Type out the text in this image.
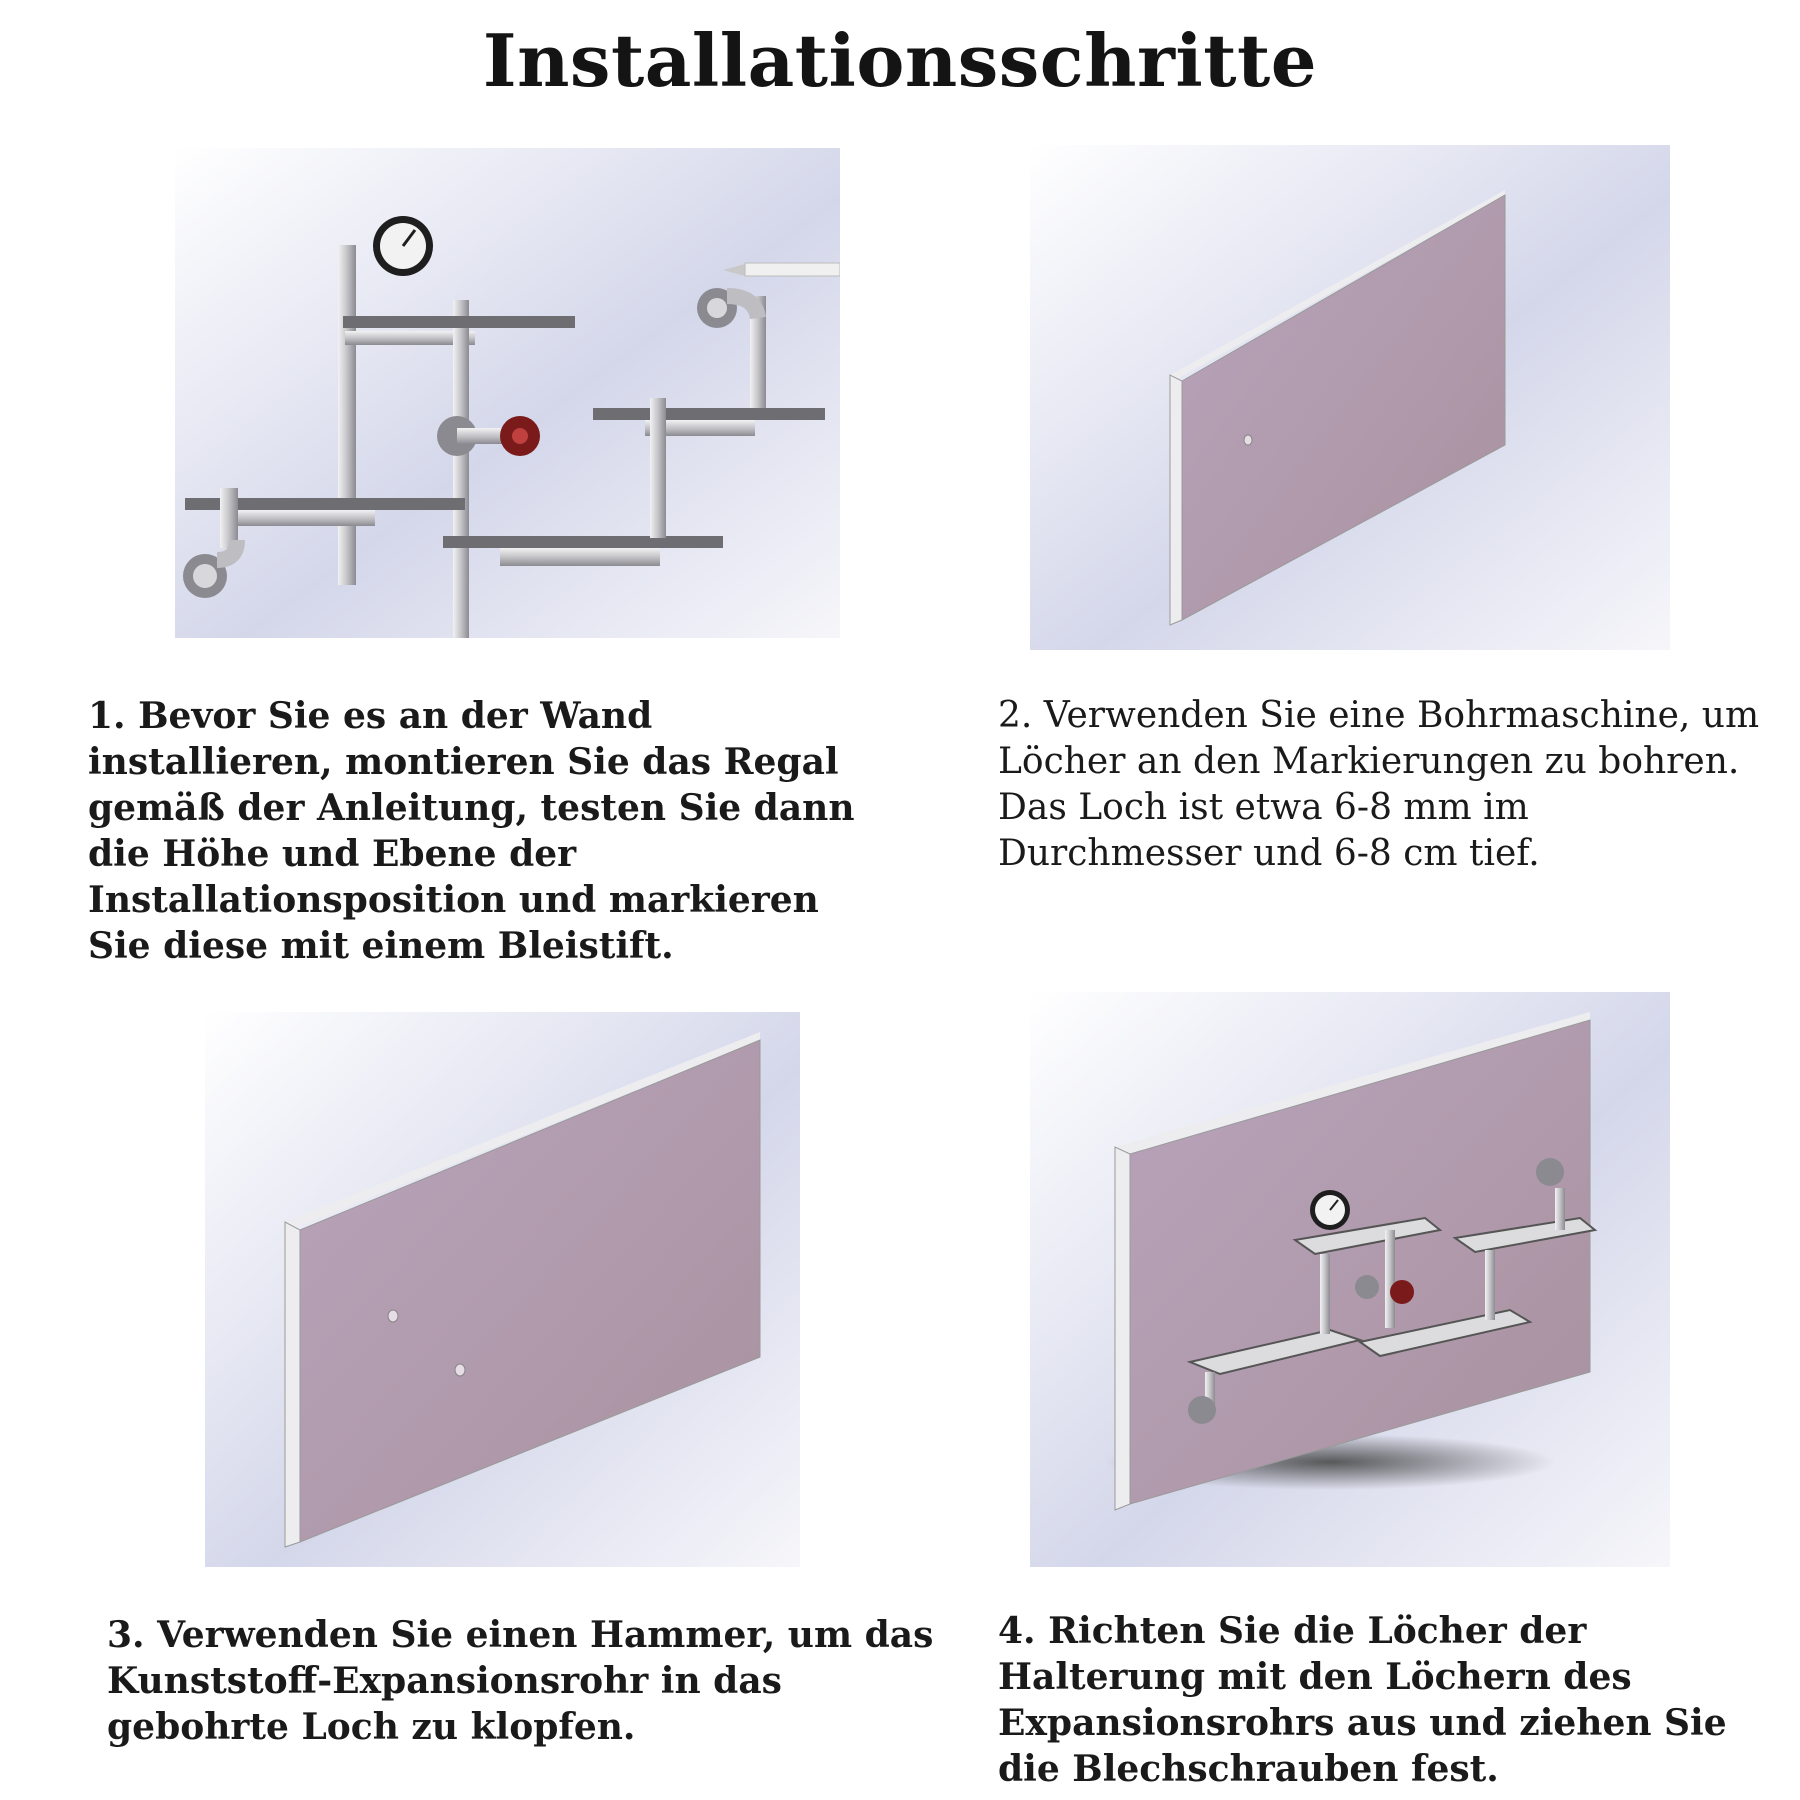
Installationsschritte

1. Bevor Sie es an der Wand installieren, montieren Sie das Regal gemäß der Anleitung, testen Sie dann die Höhe und Ebene der Installationsposition und markieren Sie diese mit einem Bleistift.

2. Verwenden Sie eine Bohrmaschine, um Löcher an den Markierungen zu bohren. Das Loch ist etwa 6-8 mm im Durchmesser und 6-8 cm tief.

3. Verwenden Sie einen Hammer, um das Kunststoff-Expansionsrohr in das gebohrte Loch zu klopfen.

4. Richten Sie die Löcher der Halterung mit den Löchern des Expansionsrohrs aus und ziehen Sie die Blechschrauben fest.
